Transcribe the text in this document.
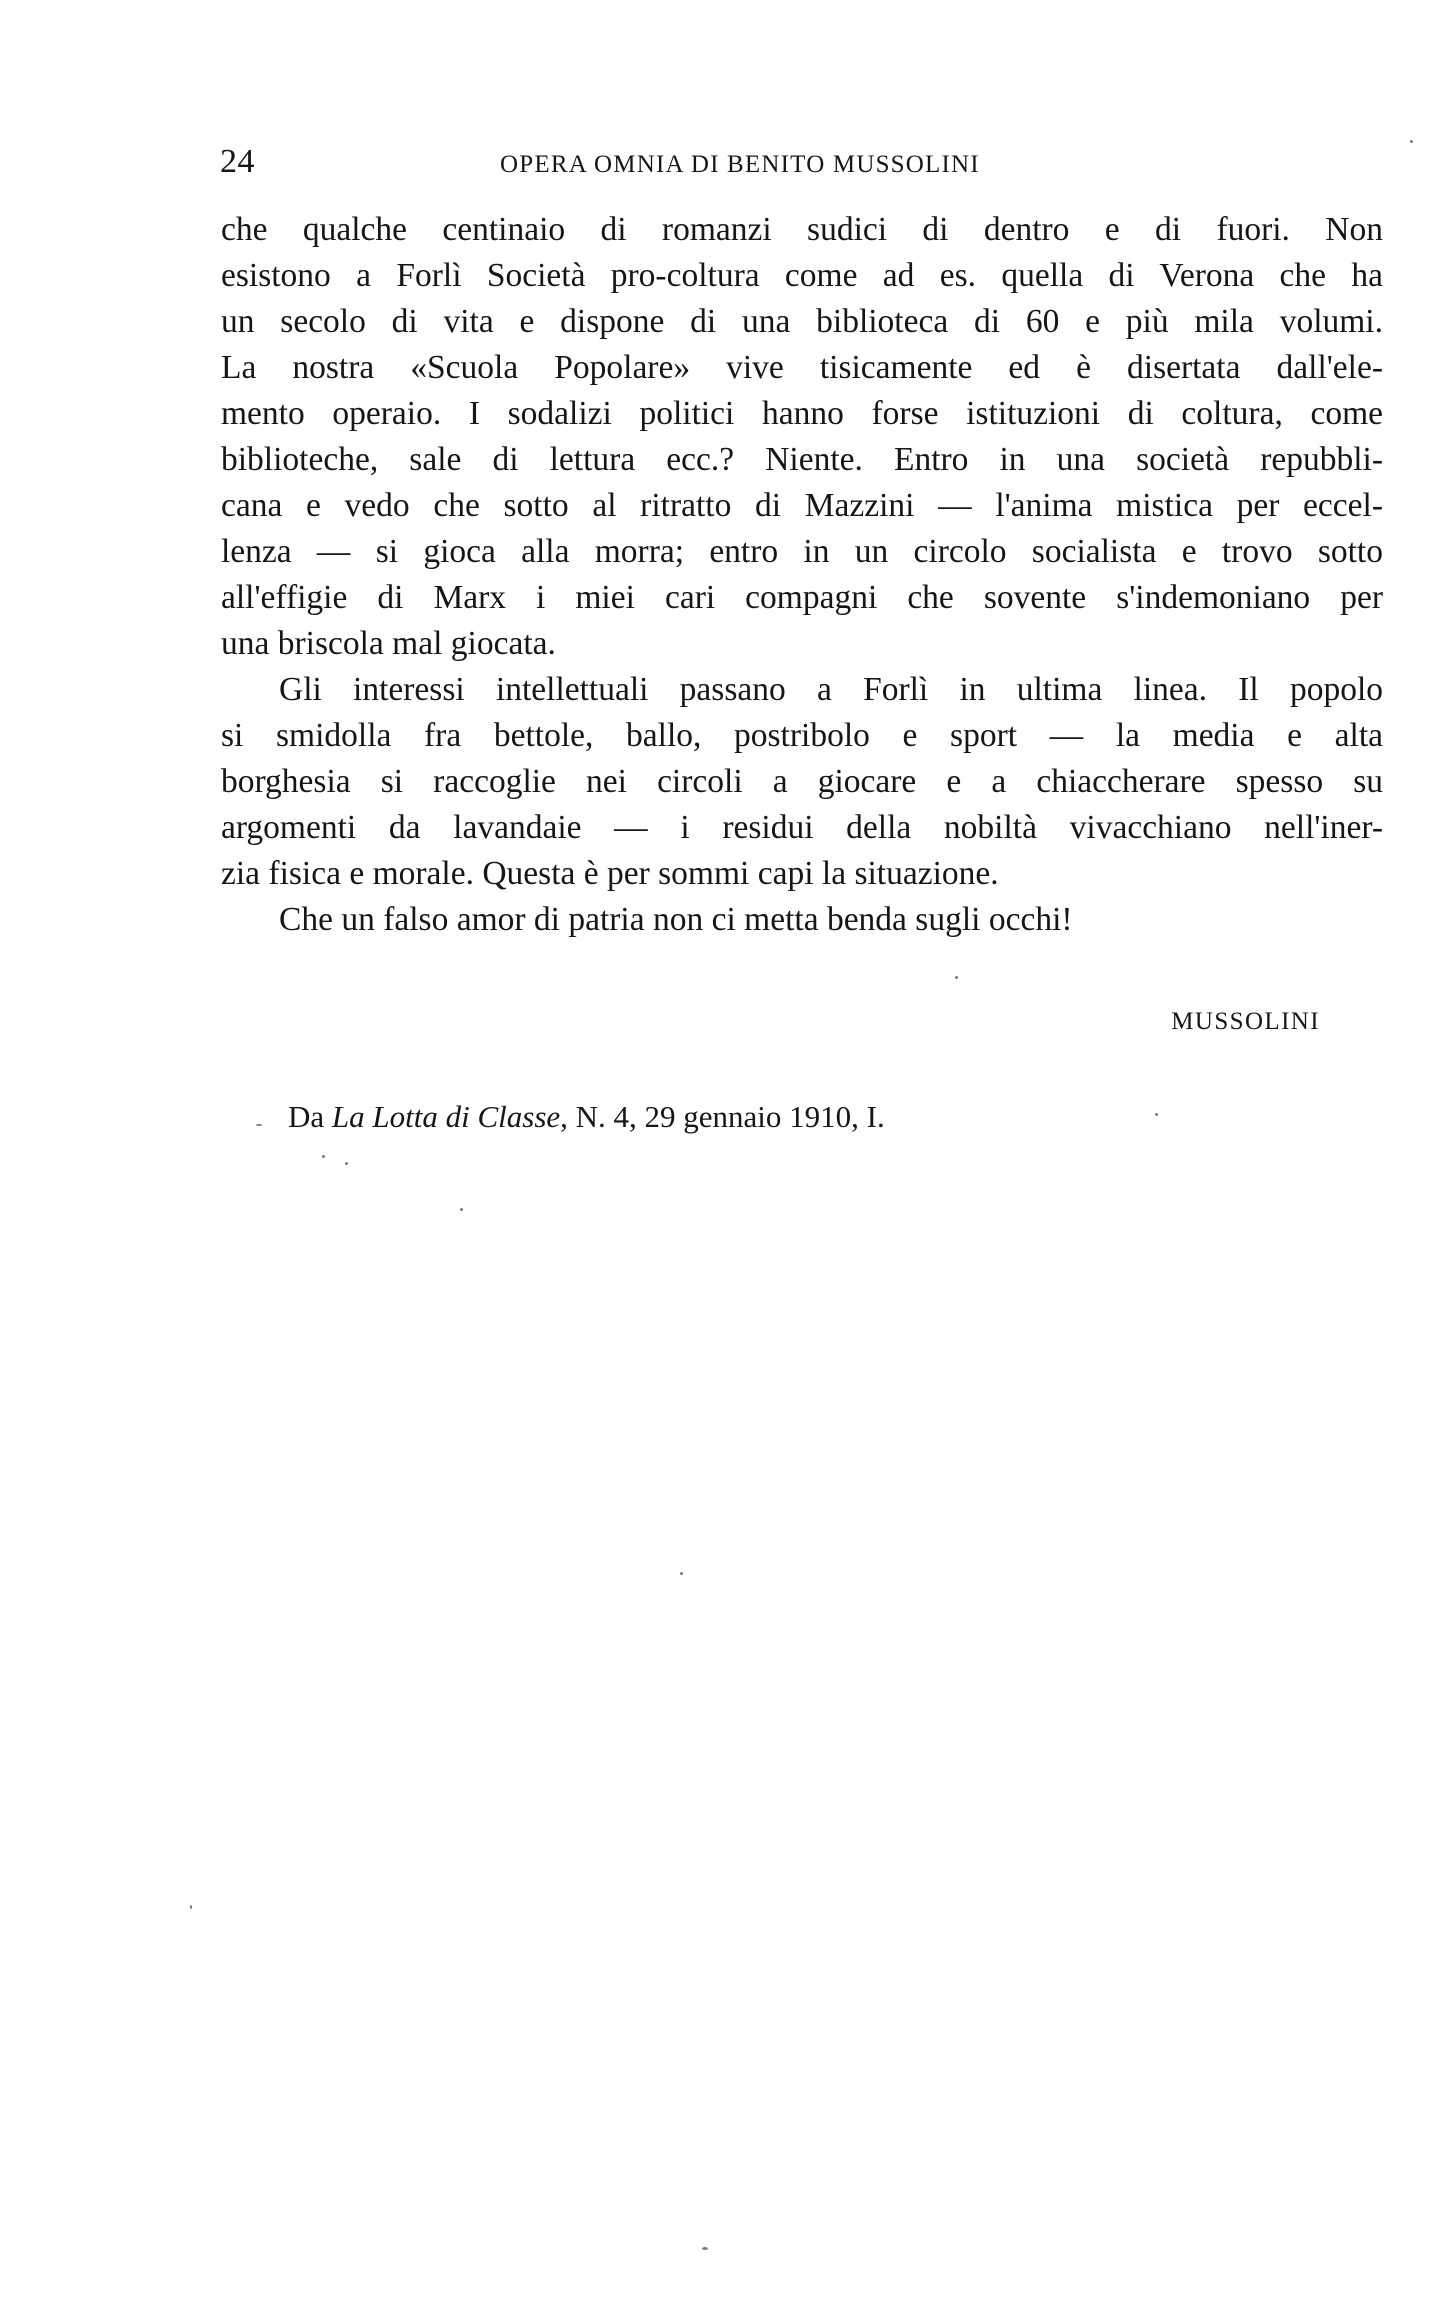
24	OPERA OMNIA DI BENITO MUSSOLINI
che qualche centinaio di romanzi sudici di dentro e di fuori. Non
esistono a Forlì Società pro-coltura come ad es. quella di Verona che ha
un secolo di vita e dispone di una biblioteca di 60 e più mila volumi.
La nostra «Scuola Popolare» vive tisicamente ed è disertata dall'ele-
mento operaio. I sodalizi politici hanno forse istituzioni di coltura, come
biblioteche, sale di lettura ecc.? Niente. Entro in una società repubbli-
cana e vedo che sotto al ritratto di Mazzini — l'anima mistica per eccel-
lenza — si gioca alla morra; entro in un circolo socialista e trovo sotto
all'effigie di Marx i miei cari compagni che sovente s'indemoniano per
una briscola mal giocata.
Gli interessi intellettuali passano a Forlì in ultima linea. Il popolo
si smidolla fra bettole, ballo, postribolo e sport — la media e alta
borghesia si raccoglie nei circoli a giocare e a chiaccherare spesso su
argomenti da lavandaie — i residui della nobiltà vivacchiano nell'iner-
zia fisica e morale. Questa è per sommi capi la situazione.
Che un falso amor di patria non ci metta benda sugli occhi!
MUSSOLINI
Da La Lotta di Classe, N. 4, 29 gennaio 1910, I.
